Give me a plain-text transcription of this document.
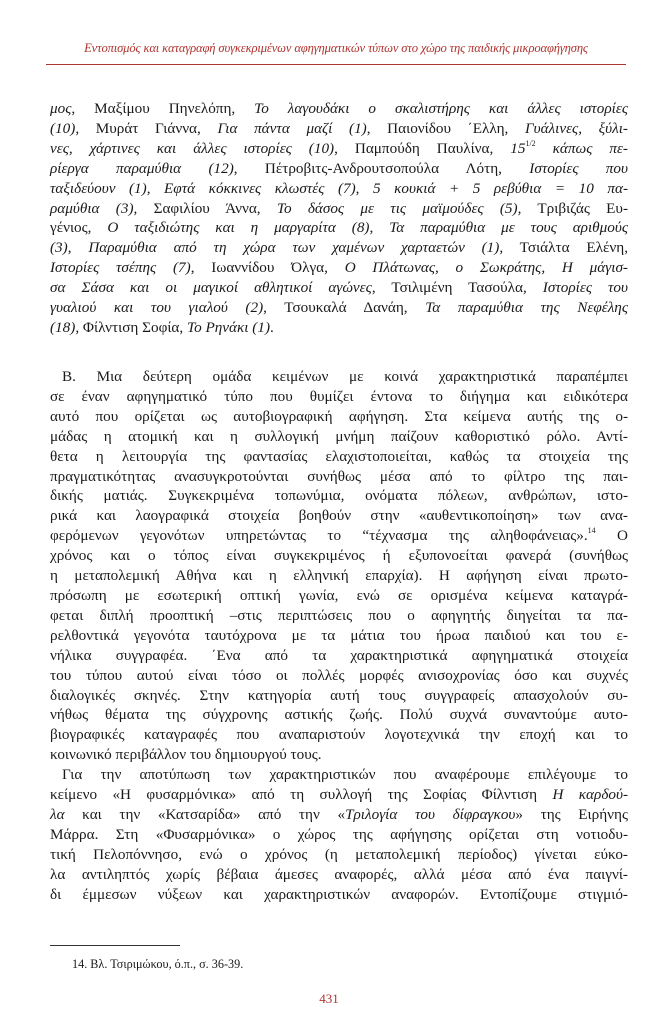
Εντοπισμός και καταγραφή συγκεκριμένων αφηγηματικών τύπων στο χώρο της παιδικής μικροαφήγησης
μος, Μαξίμου Πηνελόπη, Το λαγουδάκι ο σκαλιστήρης και άλλες ιστορίες
(10), Μυράτ Γιάννα, Για πάντα μαζί (1), Παιονίδου ΄Ελλη, Γυάλινες, ξύλι-
νες, χάρτινες και άλλες ιστορίες (10), Παμπούδη Παυλίνα, $15^{1/2}$ κάπως πε-
ρίεργα παραμύθια (12), Πέτροβιτς-Ανδρουτσοπούλα Λότη, Ιστορίες που
ταξιδεύουν (1), Εφτά κόκκινες κλωστές (7), 5 κουκιά + 5 ρεβύθια = 10 πα-
ραμύθια (3), Σαφιλίου Άννα, Το δάσος με τις μαϊμούδες (5), Τριβιζάς Ευ-
γένιος, Ο ταξιδιώτης και η μαργαρίτα (8), Τα παραμύθια με τους αριθμούς
(3), Παραμύθια από τη χώρα των χαμένων χαρταετών (1), Τσιάλτα Ελένη,
Ιστορίες τσέπης (7), Ιωαννίδου Όλγα, Ο Πλάτωνας, ο Σωκράτης, Η μάγισ-
σα Σάσα και οι μαγικοί αθλητικοί αγώνες, Τσιλιμένη Τασούλα, Ιστορίες του
γυαλιού και του γιαλού (2), Τσουκαλά Δανάη, Τα παραμύθια της Νεφέλης
(18), Φίλντιση Σοφία, Το Ρηνάκι (1).
Β. Μια δεύτερη ομάδα κειμένων με κοινά χαρακτηριστικά παραπέμπει
σε έναν αφηγηματικό τύπο που θυμίζει έντονα το διήγημα και ειδικότερα
αυτό που ορίζεται ως αυτοβιογραφική αφήγηση. Στα κείμενα αυτής της ο-
μάδας η ατομική και η συλλογική μνήμη παίζουν καθοριστικό ρόλο. Αντί-
θετα η λειτουργία της φαντασίας ελαχιστοποιείται, καθώς τα στοιχεία της
πραγματικότητας ανασυγκροτούνται συνήθως μέσα από το φίλτρο της παι-
δικής ματιάς. Συγκεκριμένα τοπωνύμια, ονόματα πόλεων, ανθρώπων, ιστο-
ρικά και λαογραφικά στοιχεία βοηθούν στην «αυθεντικοποίηση» των ανα-
φερόμενων γεγονότων υπηρετώντας το “τέχνασμα της αληθοφάνειας».$^{14}$ Ο
χρόνος και ο τόπος είναι συγκεκριμένος ή εξυπονοείται φανερά (συνήθως
η μεταπολεμική Αθήνα και η ελληνική επαρχία). Η αφήγηση είναι πρωτο-
πρόσωπη με εσωτερική οπτική γωνία, ενώ σε ορισμένα κείμενα καταγρά-
φεται διπλή προοπτική –στις περιπτώσεις που ο αφηγητής διηγείται τα πα-
ρελθοντικά γεγονότα ταυτόχρονα με τα μάτια του ήρωα παιδιού και του ε-
νήλικα συγγραφέα. ΄Ενα από τα χαρακτηριστικά αφηγηματικά στοιχεία
του τύπου αυτού είναι τόσο οι πολλές μορφές ανισοχρονίας όσο και συχνές
διαλογικές σκηνές. Στην κατηγορία αυτή τους συγγραφείς απασχολούν συ-
νήθως θέματα της σύγχρονης αστικής ζωής. Πολύ συχνά συναντούμε αυτο-
βιογραφικές καταγραφές που αναπαριστούν λογοτεχνικά την εποχή και το
κοινωνικό περιβάλλον του δημιουργού τους.
Για την αποτύπωση των χαρακτηριστικών που αναφέρουμε επιλέγουμε το
κείμενο «Η φυσαρμόνικα» από τη συλλογή της Σοφίας Φίλντιση Η καρδού-
λα και την «Κατσαρίδα» από την «Τριλογία του δίφραγκου» της Ειρήνης
Μάρρα. Στη «Φυσαρμόνικα» ο χώρος της αφήγησης ορίζεται στη νοτιοδυ-
τική Πελοπόννησο, ενώ ο χρόνος (η μεταπολεμική περίοδος) γίνεται εύκο-
λα αντιληπτός χωρίς βέβαια άμεσες αναφορές, αλλά μέσα από ένα παιγνί-
δι έμμεσων νύξεων και χαρακτηριστικών αναφορών. Εντοπίζουμε στιγμιό-
14. Βλ. Τσιριμώκου, ό.π., σ. 36-39.
431
